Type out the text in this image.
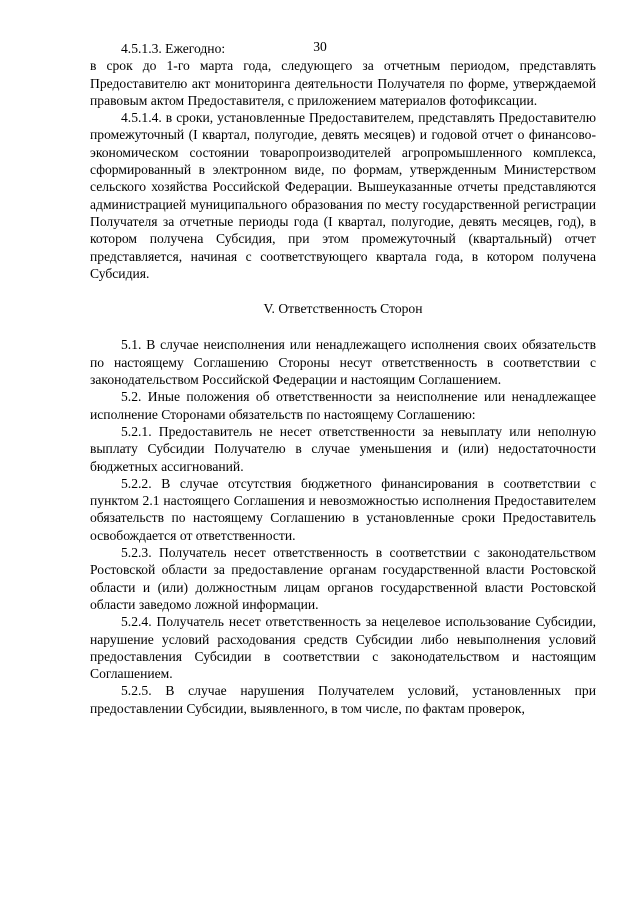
30

4.5.1.3. Ежегодно:

в срок до 1-го марта года, следующего за отчетным периодом, представлять Предоставителю акт мониторинга деятельности Получателя по форме, утверждаемой правовым актом Предоставителя, с приложением материалов фотофиксации.

4.5.1.4. в сроки, установленные Предоставителем, представлять Предоставителю промежуточный (I квартал, полугодие, девять месяцев) и годовой отчет о финансово-экономическом состоянии товаропроизводителей агропромышленного комплекса, сформированный в электронном виде, по формам, утвержденным Министерством сельского хозяйства Российской Федерации. Вышеуказанные отчеты представляются администрацией муниципального образования по месту государственной регистрации Получателя за отчетные периоды года (I квартал, полугодие, девять месяцев, год), в котором получена Субсидия, при этом промежуточный (квартальный) отчет представляется, начиная с соответствующего квартала года, в котором получена Субсидия.

V. Ответственность Сторон

5.1. В случае неисполнения или ненадлежащего исполнения своих обязательств по настоящему Соглашению Стороны несут ответственность в соответствии с законодательством Российской Федерации и настоящим Соглашением.

5.2. Иные положения об ответственности за неисполнение или ненадлежащее исполнение Сторонами обязательств по настоящему Соглашению:

5.2.1. Предоставитель не несет ответственности за невыплату или неполную выплату Субсидии Получателю в случае уменьшения и (или) недостаточности бюджетных ассигнований.

5.2.2. В случае отсутствия бюджетного финансирования в соответствии с пунктом 2.1 настоящего Соглашения и невозможностью исполнения Предоставителем обязательств по настоящему Соглашению в установленные сроки Предоставитель освобождается от ответственности.

5.2.3. Получатель несет ответственность в соответствии с законодательством Ростовской области за предоставление органам государственной власти Ростовской области и (или) должностным лицам органов государственной власти Ростовской области заведомо ложной информации.

5.2.4. Получатель несет ответственность за нецелевое использование Субсидии, нарушение условий расходования средств Субсидии либо невыполнения условий предоставления Субсидии в соответствии с законодательством и настоящим Соглашением.

5.2.5. В случае нарушения Получателем условий, установленных при предоставлении Субсидии, выявленного, в том числе, по фактам проверок,
